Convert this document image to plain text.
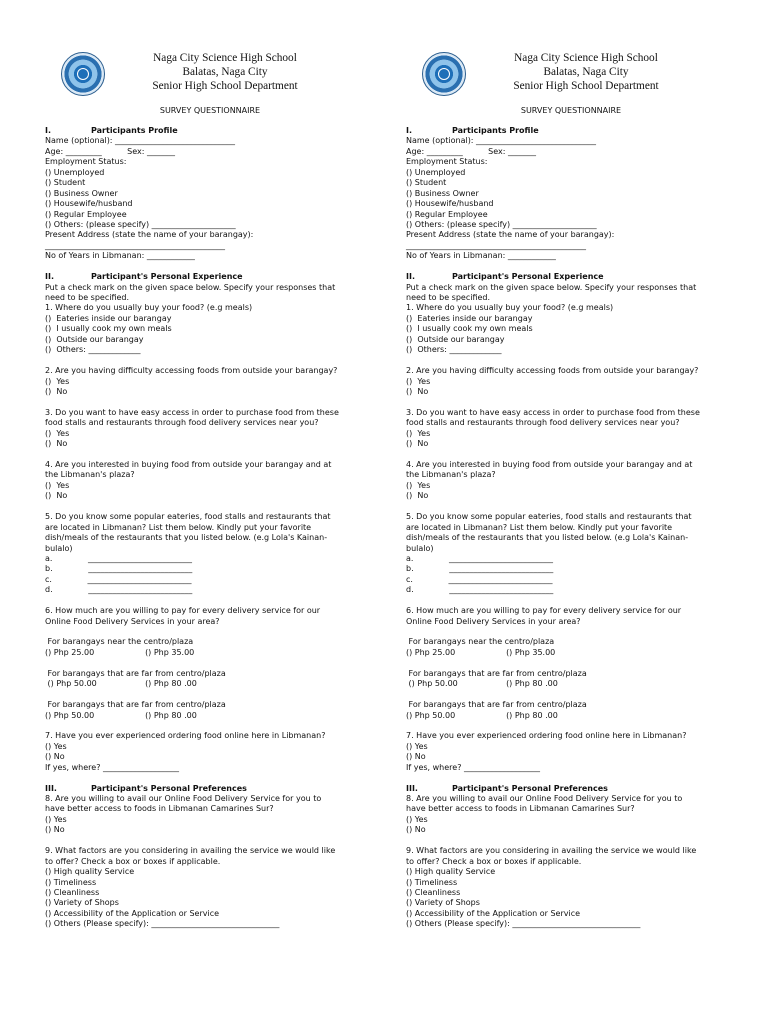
Naga City Science High School
Balatas, Naga City
Senior High School Department
SURVEY QUESTIONNAIRE
I.	Participants Profile
Name (optional): ______________________________
Age: _________          Sex: _______
Employment Status:
() Unemployed
() Student
() Business Owner
() Housewife/husband
() Regular Employee
() Others: (please specify) _____________________
Present Address (state the name of your barangay):
_____________________________________________
No of Years in Libmanan: ____________
II.	Participant's Personal Experience
Put a check mark on the given space below. Specify your responses that
need to be specified.
1. Where do you usually buy your food? (e.g meals)
()  Eateries inside our barangay
()  I usually cook my own meals
()  Outside our barangay
()  Others: _____________
2. Are you having difficulty accessing foods from outside your barangay?
()  Yes
()  No
3. Do you want to have easy access in order to purchase food from these
food stalls and restaurants through food delivery services near you?
()  Yes
()  No
4. Are you interested in buying food from outside your barangay and at
the Libmanan's plaza?
()  Yes
()  No
5. Do you know some popular eateries, food stalls and restaurants that
are located in Libmanan? List them below. Kindly put your favorite
dish/meals of the restaurants that you listed below. (e.g Lola's Kainan-
bulalo)
a.              __________________________
b.              __________________________
c.              __________________________
d.              __________________________
6. How much are you willing to pay for every delivery service for our
Online Food Delivery Services in your area?
For barangays near the centro/plaza
() Php 25.00                    () Php 35.00
For barangays that are far from centro/plaza
() Php 50.00                   () Php 80 .00
For barangays that are far from centro/plaza
() Php 50.00                    () Php 80 .00
7. Have you ever experienced ordering food online here in Libmanan?
() Yes
() No
If yes, where? ___________________
III.	Participant's Personal Preferences
8. Are you willing to avail our Online Food Delivery Service for you to
have better access to foods in Libmanan Camarines Sur?
() Yes
() No
9. What factors are you considering in availing the service we would like
to offer? Check a box or boxes if applicable.
() High quality Service
() Timeliness
() Cleanliness
() Variety of Shops
() Accessibility of the Application or Service
() Others (Please specify): ________________________________
Naga City Science High School
Balatas, Naga City
Senior High School Department
SURVEY QUESTIONNAIRE
I.	Participants Profile
Name (optional): ______________________________
Age: _________          Sex: _______
Employment Status:
() Unemployed
() Student
() Business Owner
() Housewife/husband
() Regular Employee
() Others: (please specify) _____________________
Present Address (state the name of your barangay):
_____________________________________________
No of Years in Libmanan: ____________
II.	Participant's Personal Experience
Put a check mark on the given space below. Specify your responses that
need to be specified.
1. Where do you usually buy your food? (e.g meals)
()  Eateries inside our barangay
()  I usually cook my own meals
()  Outside our barangay
()  Others: _____________
2. Are you having difficulty accessing foods from outside your barangay?
()  Yes
()  No
3. Do you want to have easy access in order to purchase food from these
food stalls and restaurants through food delivery services near you?
()  Yes
()  No
4. Are you interested in buying food from outside your barangay and at
the Libmanan's plaza?
()  Yes
()  No
5. Do you know some popular eateries, food stalls and restaurants that
are located in Libmanan? List them below. Kindly put your favorite
dish/meals of the restaurants that you listed below. (e.g Lola's Kainan-
bulalo)
a.              __________________________
b.              __________________________
c.              __________________________
d.              __________________________
6. How much are you willing to pay for every delivery service for our
Online Food Delivery Services in your area?
For barangays near the centro/plaza
() Php 25.00                    () Php 35.00
For barangays that are far from centro/plaza
() Php 50.00                   () Php 80 .00
For barangays that are far from centro/plaza
() Php 50.00                    () Php 80 .00
7. Have you ever experienced ordering food online here in Libmanan?
() Yes
() No
If yes, where? ___________________
III.	Participant's Personal Preferences
8. Are you willing to avail our Online Food Delivery Service for you to
have better access to foods in Libmanan Camarines Sur?
() Yes
() No
9. What factors are you considering in availing the service we would like
to offer? Check a box or boxes if applicable.
() High quality Service
() Timeliness
() Cleanliness
() Variety of Shops
() Accessibility of the Application or Service
() Others (Please specify): ________________________________
